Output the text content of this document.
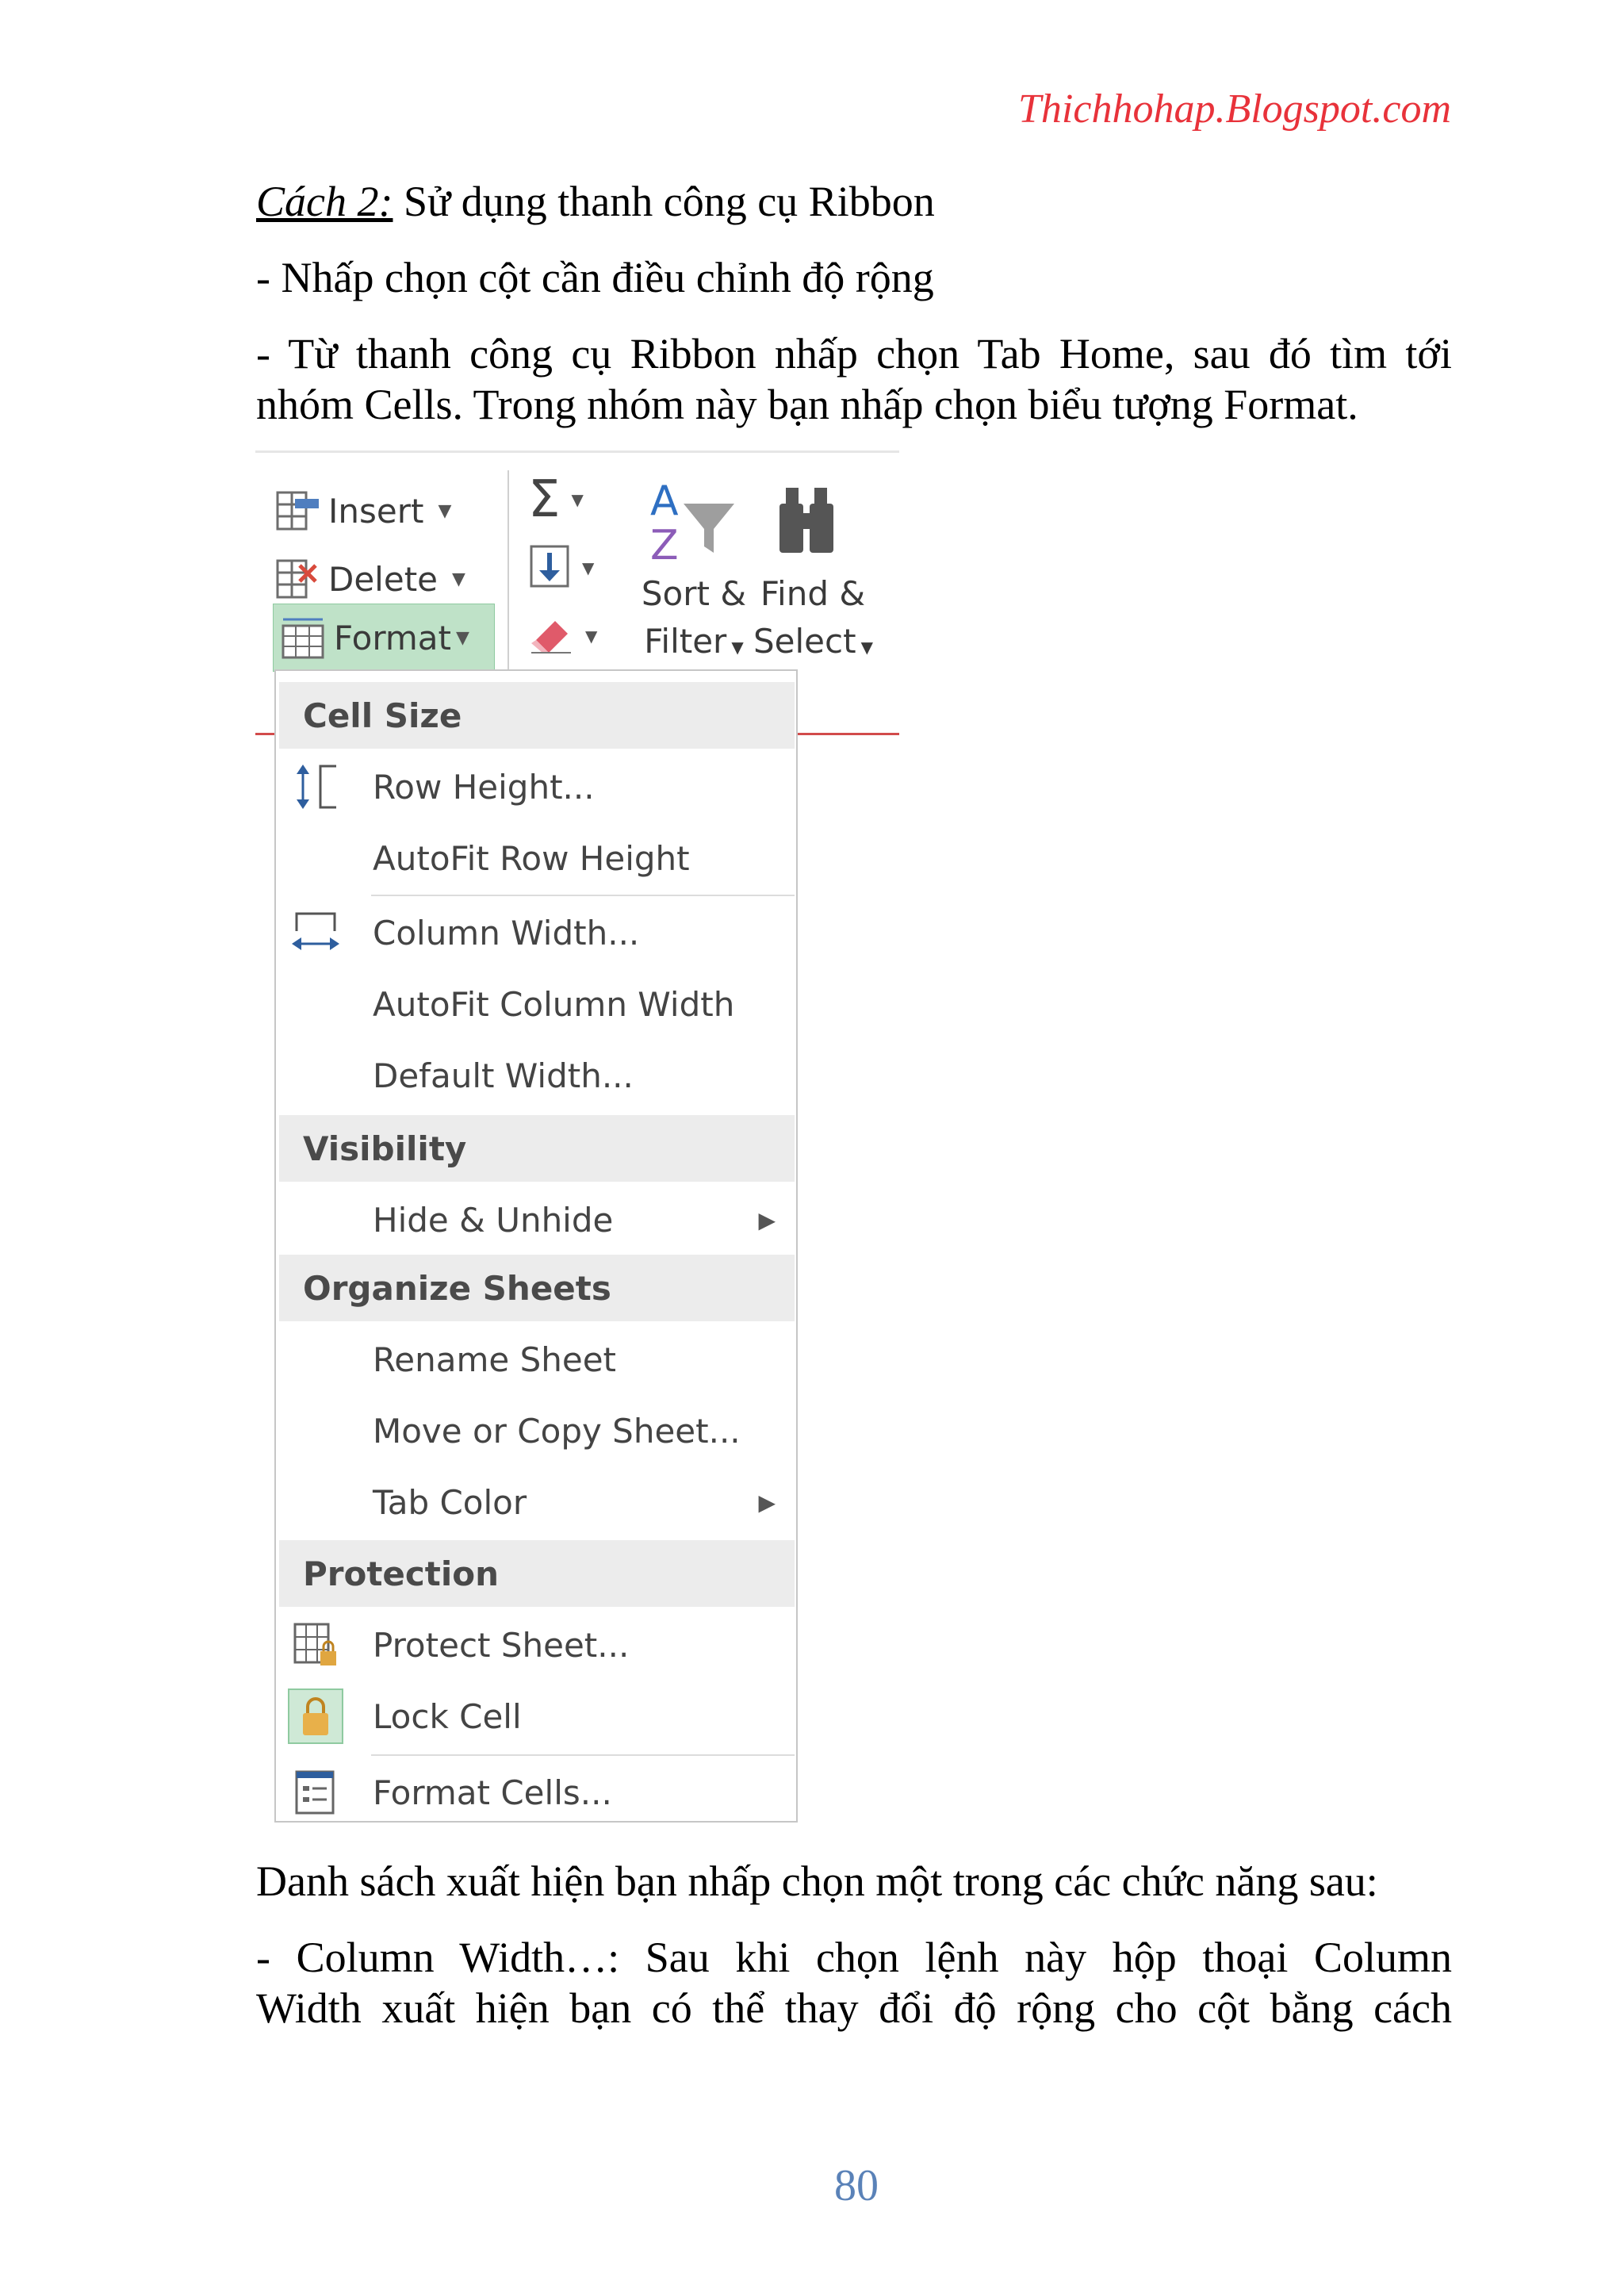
Thichhohap.Blogspot.com
Cách 2: Sử dụng thanh công cụ Ribbon
- Nhấp chọn cột cần điều chỉnh độ rộng
- Từ thanh công cụ Ribbon nhấp chọn Tab Home, sau đó tìm tới
nhóm Cells. Trong nhóm này bạn nhấp chọn biểu tượng Format.
Insert ▼
Delete ▼
Format ▼
Σ ▼
▼
▼
A
Z
Sort &
Filter ▼
Find &
Select ▼
Cell Size
Row Height...
AutoFit Row Height
Column Width...
AutoFit Column Width
Default Width...
Visibility
Hide & Unhide	▶
Organize Sheets
Rename Sheet
Move or Copy Sheet...
Tab Color	▶
Protection
Protect Sheet...
Lock Cell
Format Cells...
Danh sách xuất hiện bạn nhấp chọn một trong các chức năng sau:
- Column Width…: Sau khi chọn lệnh này hộp thoại Column
Width xuất hiện bạn có thể thay đổi độ rộng cho cột bằng cách
80
